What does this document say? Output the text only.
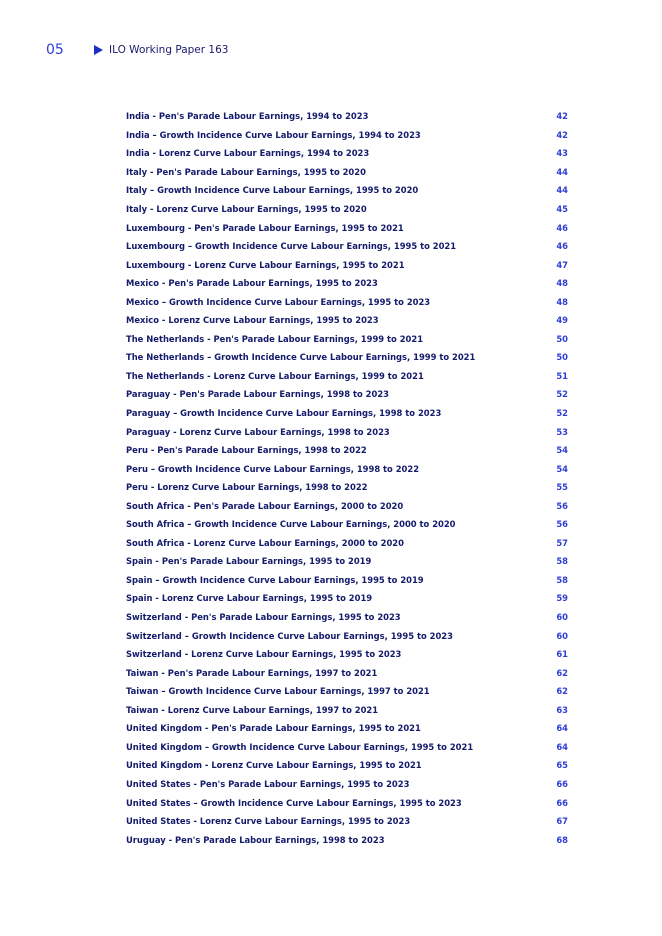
05	ILO Working Paper 163
India - Pen's Parade Labour Earnings, 1994 to 2023	42
India – Growth Incidence Curve Labour Earnings, 1994 to 2023	42
India - Lorenz Curve Labour Earnings, 1994 to 2023	43
Italy - Pen's Parade Labour Earnings, 1995 to 2020	44
Italy – Growth Incidence Curve Labour Earnings, 1995 to 2020	44
Italy - Lorenz Curve Labour Earnings, 1995 to 2020	45
Luxembourg - Pen's Parade Labour Earnings, 1995 to 2021	46
Luxembourg – Growth Incidence Curve Labour Earnings, 1995 to 2021	46
Luxembourg - Lorenz Curve Labour Earnings, 1995 to 2021	47
Mexico - Pen's Parade Labour Earnings, 1995 to 2023	48
Mexico – Growth Incidence Curve Labour Earnings, 1995 to 2023	48
Mexico - Lorenz Curve Labour Earnings, 1995 to 2023	49
The Netherlands - Pen's Parade Labour Earnings, 1999 to 2021	50
The Netherlands – Growth Incidence Curve Labour Earnings, 1999 to 2021	50
The Netherlands - Lorenz Curve Labour Earnings, 1999 to 2021	51
Paraguay - Pen's Parade Labour Earnings, 1998 to 2023	52
Paraguay – Growth Incidence Curve Labour Earnings, 1998 to 2023	52
Paraguay - Lorenz Curve Labour Earnings, 1998 to 2023	53
Peru - Pen's Parade Labour Earnings, 1998 to 2022	54
Peru – Growth Incidence Curve Labour Earnings, 1998 to 2022	54
Peru - Lorenz Curve Labour Earnings, 1998 to 2022	55
South Africa - Pen's Parade Labour Earnings, 2000 to 2020	56
South Africa – Growth Incidence Curve Labour Earnings, 2000 to 2020	56
South Africa - Lorenz Curve Labour Earnings, 2000 to 2020	57
Spain - Pen's Parade Labour Earnings, 1995 to 2019	58
Spain – Growth Incidence Curve Labour Earnings, 1995 to 2019	58
Spain - Lorenz Curve Labour Earnings, 1995 to 2019	59
Switzerland - Pen's Parade Labour Earnings, 1995 to 2023	60
Switzerland – Growth Incidence Curve Labour Earnings, 1995 to 2023	60
Switzerland - Lorenz Curve Labour Earnings, 1995 to 2023	61
Taiwan - Pen's Parade Labour Earnings, 1997 to 2021	62
Taiwan – Growth Incidence Curve Labour Earnings, 1997 to 2021	62
Taiwan - Lorenz Curve Labour Earnings, 1997 to 2021	63
United Kingdom - Pen's Parade Labour Earnings, 1995 to 2021	64
United Kingdom – Growth Incidence Curve Labour Earnings, 1995 to 2021	64
United Kingdom - Lorenz Curve Labour Earnings, 1995 to 2021	65
United States - Pen's Parade Labour Earnings, 1995 to 2023	66
United States – Growth Incidence Curve Labour Earnings, 1995 to 2023	66
United States - Lorenz Curve Labour Earnings, 1995 to 2023	67
Uruguay - Pen's Parade Labour Earnings, 1998 to 2023	68
